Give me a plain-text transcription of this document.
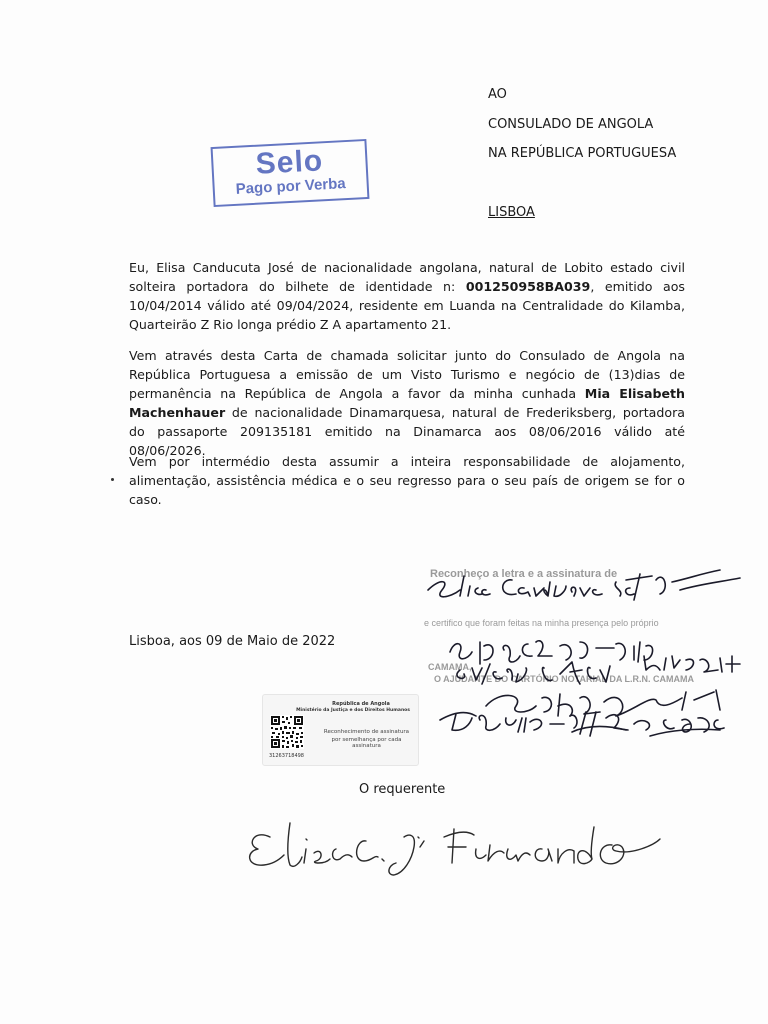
AO
CONSULADO DE ANGOLA
NA REPÚBLICA PORTUGUESA
LISBOA
Selo
Pago por Verba
Eu, Elisa Canducuta José de nacionalidade angolana, natural de Lobito estado civil solteira portadora do bilhete de identidade n: 001250958BA039, emitido aos 10/04/2014 válido até 09/04/2024, residente em Luanda na Centralidade do Kilamba, Quarteirão Z Rio longa prédio Z A apartamento 21.
Vem através desta Carta de chamada solicitar junto do Consulado de Angola na República Portuguesa a emissão de um Visto Turismo e negócio de (13)dias de permanência na República de Angola a favor da minha cunhada Mia Elisabeth Machenhauer de nacionalidade Dinamarquesa, natural de Frederiksberg, portadora do passaporte 209135181 emitido na Dinamarca aos 08/06/2016 válido até 08/06/2026.
Vem por intermédio desta assumir a inteira responsabilidade de alojamento, alimentação, assistência médica e o seu regresso para o seu país de origem se for o caso.
Lisboa, aos 09 de Maio de 2022
Reconheço a letra e a assinatura de
e certifico que foram feitas na minha presença pelo próprio
CAMAMA,
O AJUDANTE DO CARTÓRIO NOTARIAL DA L.R.N. CAMAMA
República de Angola
Ministério da Justiça e dos Direitos Humanos
31263718498
Reconhecimento de assinatura
por semelhança por cada assinatura
O requerente
